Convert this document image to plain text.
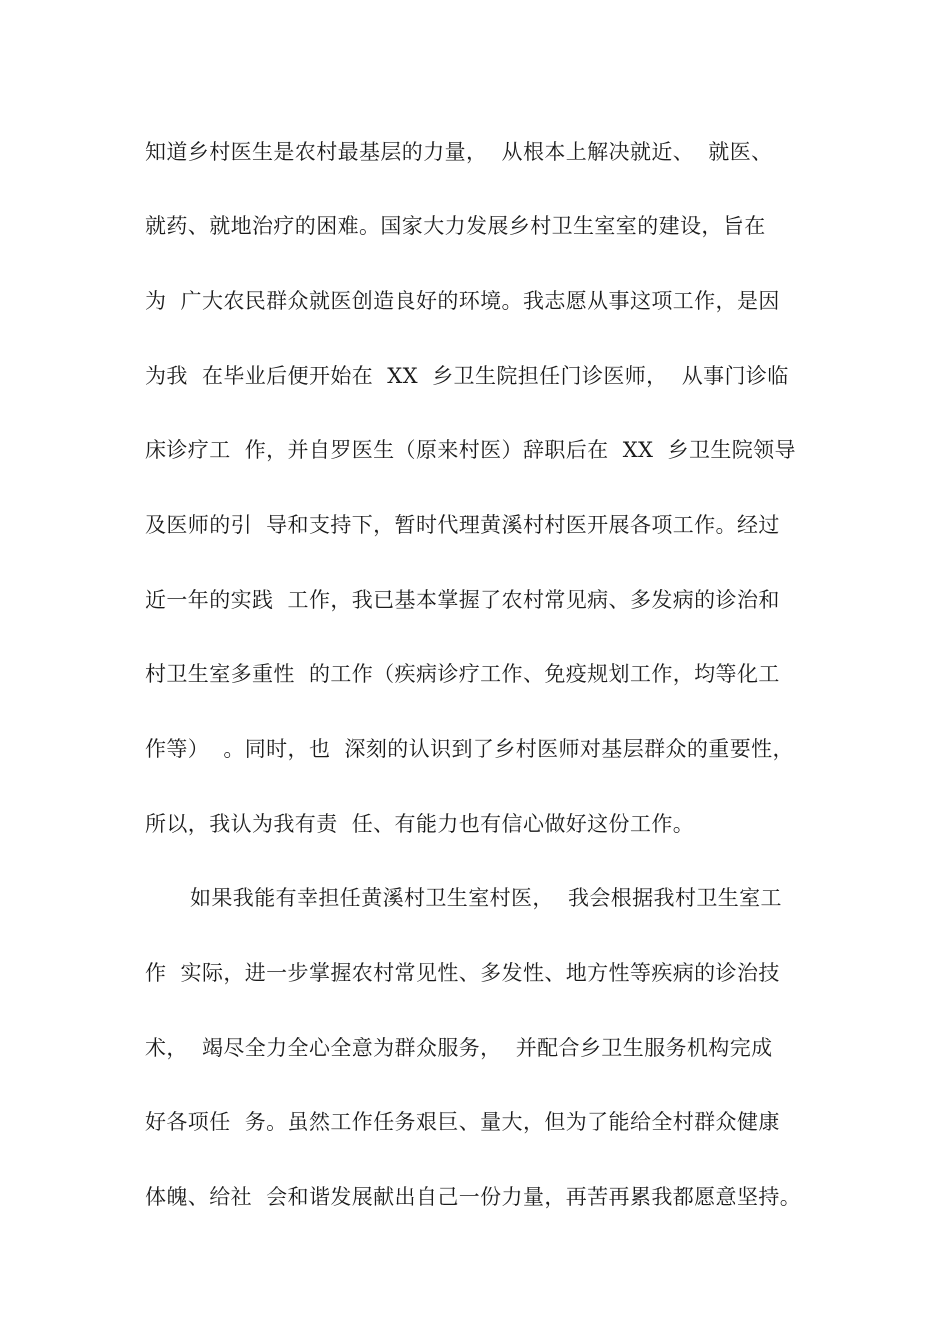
知道乡村医生是农村最基层的力量，  从根本上解决就近、  就医、
就药、就地治疗的困难。国家大力发展乡村卫生室室的建设，旨在
为  广大农民群众就医创造良好的环境。我志愿从事这项工作，是因
为我  在毕业后便开始在  XX  乡卫生院担任门诊医师，  从事门诊临
床诊疗工  作，并自罗医生（原来村医）辞职后在  XX  乡卫生院领导
及医师的引  导和支持下，暂时代理黄溪村村医开展各项工作。经过
近一年的实践  工作，我已基本掌握了农村常见病、多发病的诊治和
村卫生室多重性  的工作（疾病诊疗工作、免疫规划工作，均等化工
作等）  。同时，也  深刻的认识到了乡村医师对基层群众的重要性，
所以，我认为我有责  任、有能力也有信心做好这份工作。
如果我能有幸担任黄溪村卫生室村医，  我会根据我村卫生室工
作  实际，进一步掌握农村常见性、多发性、地方性等疾病的诊治技
术，  竭尽全力全心全意为群众服务，  并配合乡卫生服务机构完成
好各项任  务。虽然工作任务艰巨、量大，但为了能给全村群众健康
体魄、给社  会和谐发展献出自己一份力量，再苦再累我都愿意坚持。
